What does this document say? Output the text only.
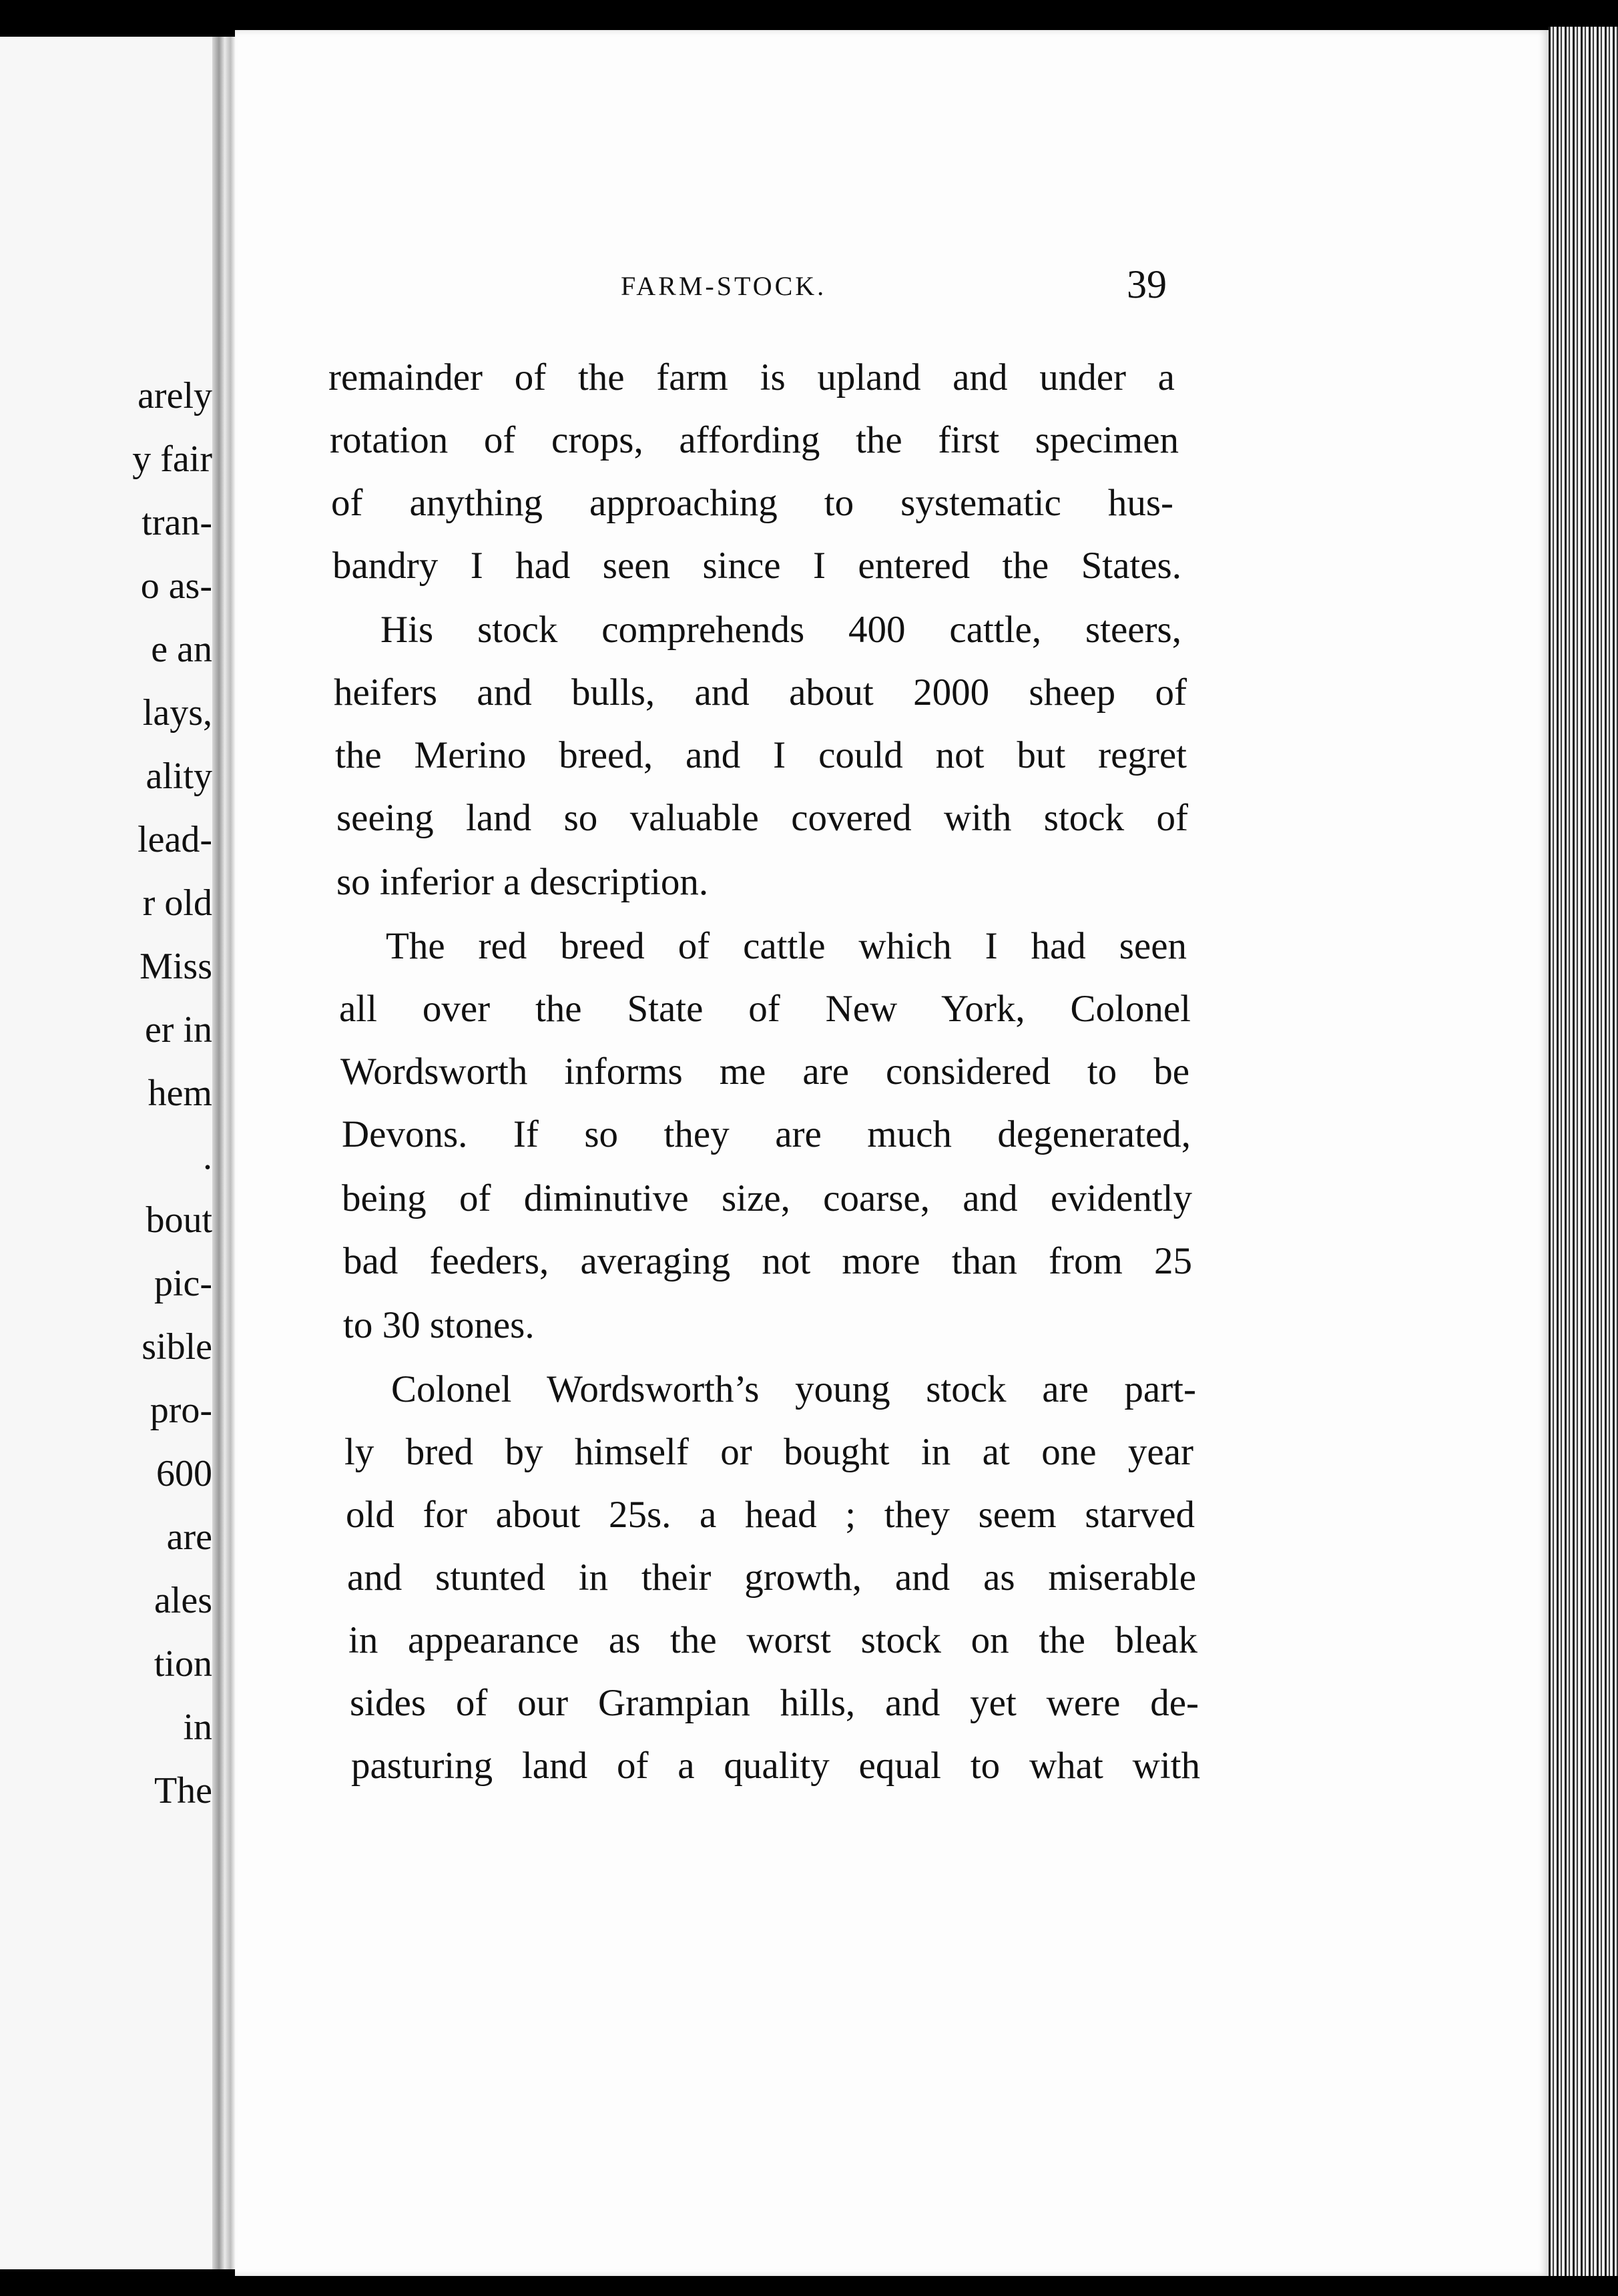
arely
y fair
tran-
o as-
e an
lays,
ality
lead-
r old
Miss
er in
hem
.
bout
pic-
sible
pro-
600
are
ales
tion
in
The
FARM-STOCK.	39
remainder of the farm is upland and under a
rotation of crops, affording the first specimen
of anything approaching to systematic hus-
bandry I had seen since I entered the States.
His stock comprehends 400 cattle, steers,
heifers and bulls, and about 2000 sheep of
the Merino breed, and I could not but regret
seeing land so valuable covered with stock of
so inferior a description.
The red breed of cattle which I had seen
all over the State of New York, Colonel
Wordsworth informs me are considered to be
Devons. If so they are much degenerated,
being of diminutive size, coarse, and evidently
bad feeders, averaging not more than from 25
to 30 stones.
Colonel Wordsworth’s young stock are part-
ly bred by himself or bought in at one year
old for about 25s. a head ; they seem starved
and stunted in their growth, and as miserable
in appearance as the worst stock on the bleak
sides of our Grampian hills, and yet were de-
pasturing land of a quality equal to what with
